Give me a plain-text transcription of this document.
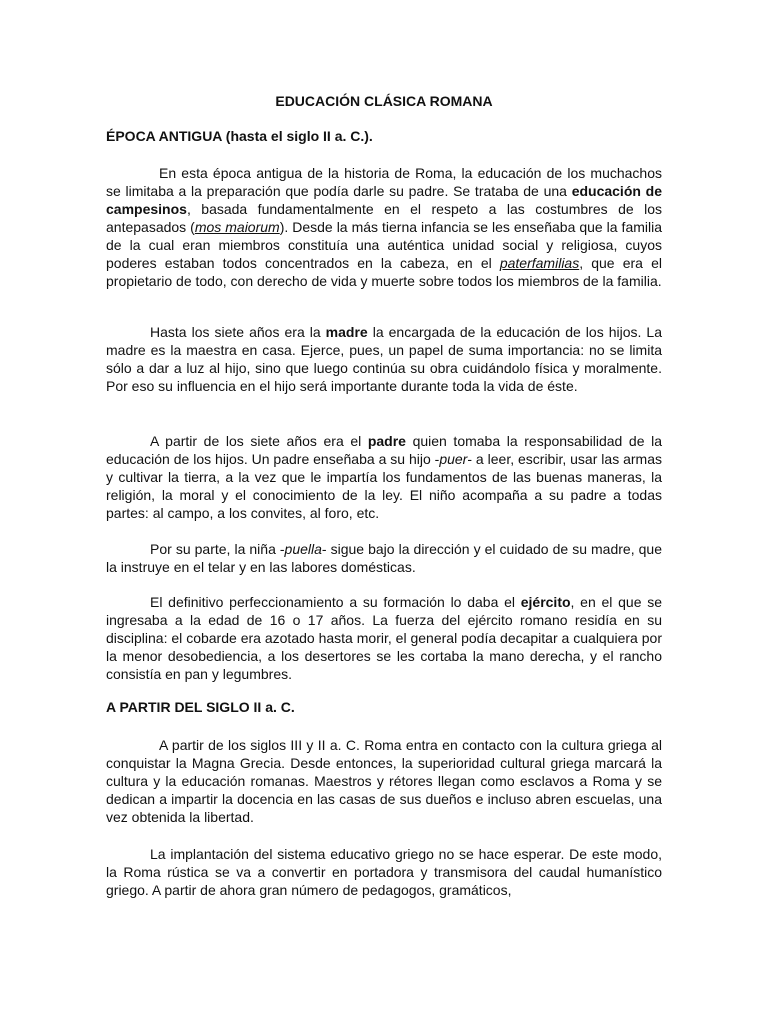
EDUCACIÓN CLÁSICA ROMANA
ÉPOCA ANTIGUA (hasta el siglo II a. C.).

En esta época antigua de la historia de Roma, la educación de los muchachos se limitaba a la preparación que podía darle su padre. Se trataba de una educación de campesinos, basada fundamentalmente en el respeto a las costumbres de los antepasados (mos maiorum). Desde la más tierna infancia se les enseñaba que la familia de la cual eran miembros constituía una auténtica unidad social y religiosa, cuyos poderes estaban todos concentrados en la cabeza, en el paterfamilias, que era el propietario de todo, con derecho de vida y muerte sobre todos los miembros de la familia.

Hasta los siete años era la madre la encargada de la educación de los hijos. La madre es la maestra en casa. Ejerce, pues, un papel de suma importancia: no se limita sólo a dar a luz al hijo, sino que luego continúa su obra cuidándolo física y moralmente. Por eso su influencia en el hijo será importante durante toda la vida de éste.

A partir de los siete años era el padre quien tomaba la responsabilidad de la educación de los hijos. Un padre enseñaba a su hijo -puer- a leer, escribir, usar las armas y cultivar la tierra, a la vez que le impartía los fundamentos de las buenas maneras, la religión, la moral y el conocimiento de la ley. El niño acompaña a su padre a todas partes: al campo, a los convites, al foro, etc.

Por su parte, la niña -puella- sigue bajo la dirección y el cuidado de su madre, que la instruye en el telar y en las labores domésticas.

El definitivo perfeccionamiento a su formación lo daba el ejército, en el que se ingresaba a la edad de 16 o 17 años. La fuerza del ejército romano residía en su disciplina: el cobarde era azotado hasta morir, el general podía decapitar a cualquiera por la menor desobediencia, a los desertores se les cortaba la mano derecha, y el rancho consistía en pan y legumbres.

A PARTIR DEL SIGLO II a. C.

A partir de los siglos III y II a. C. Roma entra en contacto con la cultura griega al conquistar la Magna Grecia. Desde entonces, la superioridad cultural griega marcará la cultura y la educación romanas. Maestros y rétores llegan como esclavos a Roma y se dedican a impartir la docencia en las casas de sus dueños e incluso abren escuelas, una vez obtenida la libertad.

La implantación del sistema educativo griego no se hace esperar. De este modo, la Roma rústica se va a convertir en portadora y transmisora del caudal humanístico griego. A partir de ahora gran número de pedagogos, gramáticos,
